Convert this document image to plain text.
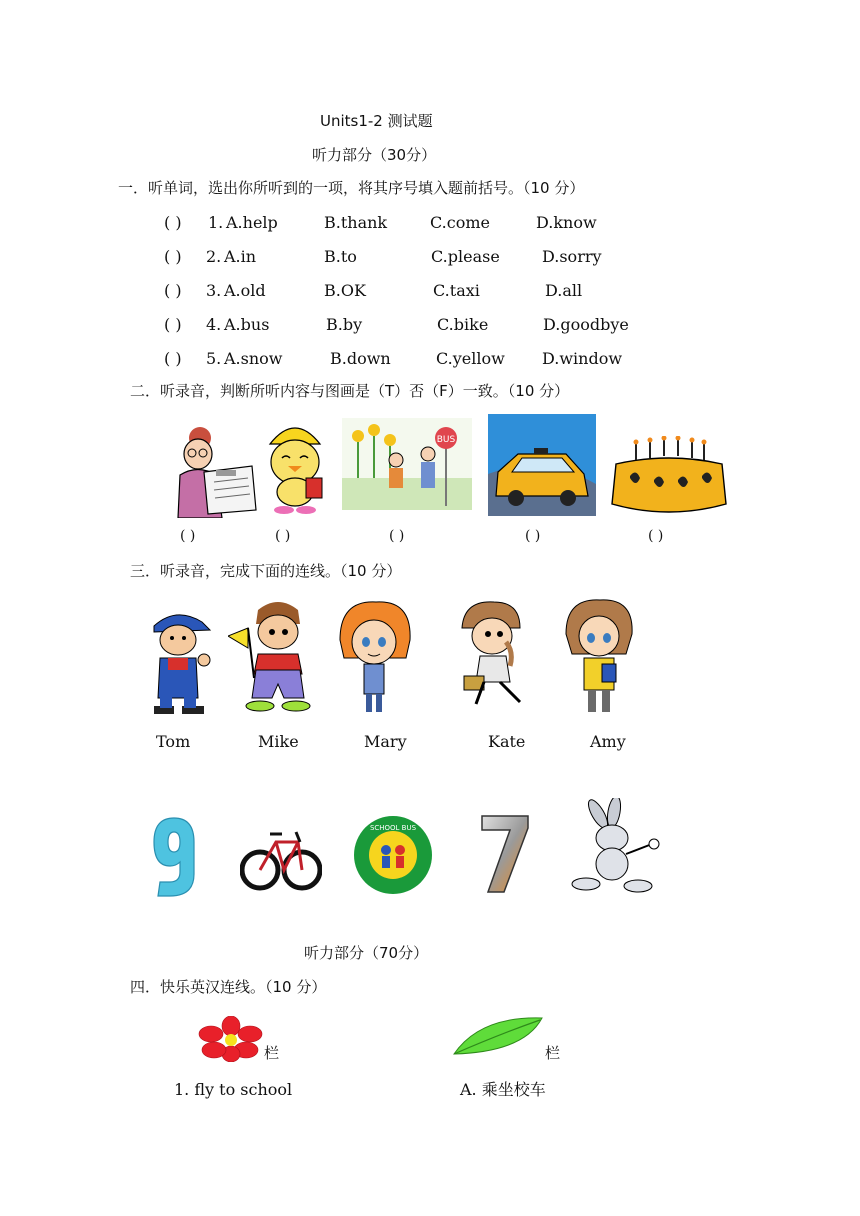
Units1-2 测试题
听力部分（30分）
一．听单词，选出你所听到的一项，将其序号填入题前括号。（10 分）
( ) 1. A.help	B.thank	C.come	D.know
( ) 2. A.in	B.to	C.please	D.sorry
( ) 3. A.old	B.OK	C.taxi	D.all
( ) 4. A.bus	B.by	C.bike	D.goodbye
( ) 5. A.snow	B.down	C.yellow D.window
二．听录音，判断所听内容与图画是（T）否（F）一致。（10 分）
BUS
( )	( )	( )	( )	( )
三．听录音，完成下面的连线。（10 分）
Tom	Mike	Mary	Kate	Amy
SCHOOL BUS
听力部分（70分）
四．快乐英汉连线。（10 分）
栏	栏
1. fly to school	A. 乘坐校车
